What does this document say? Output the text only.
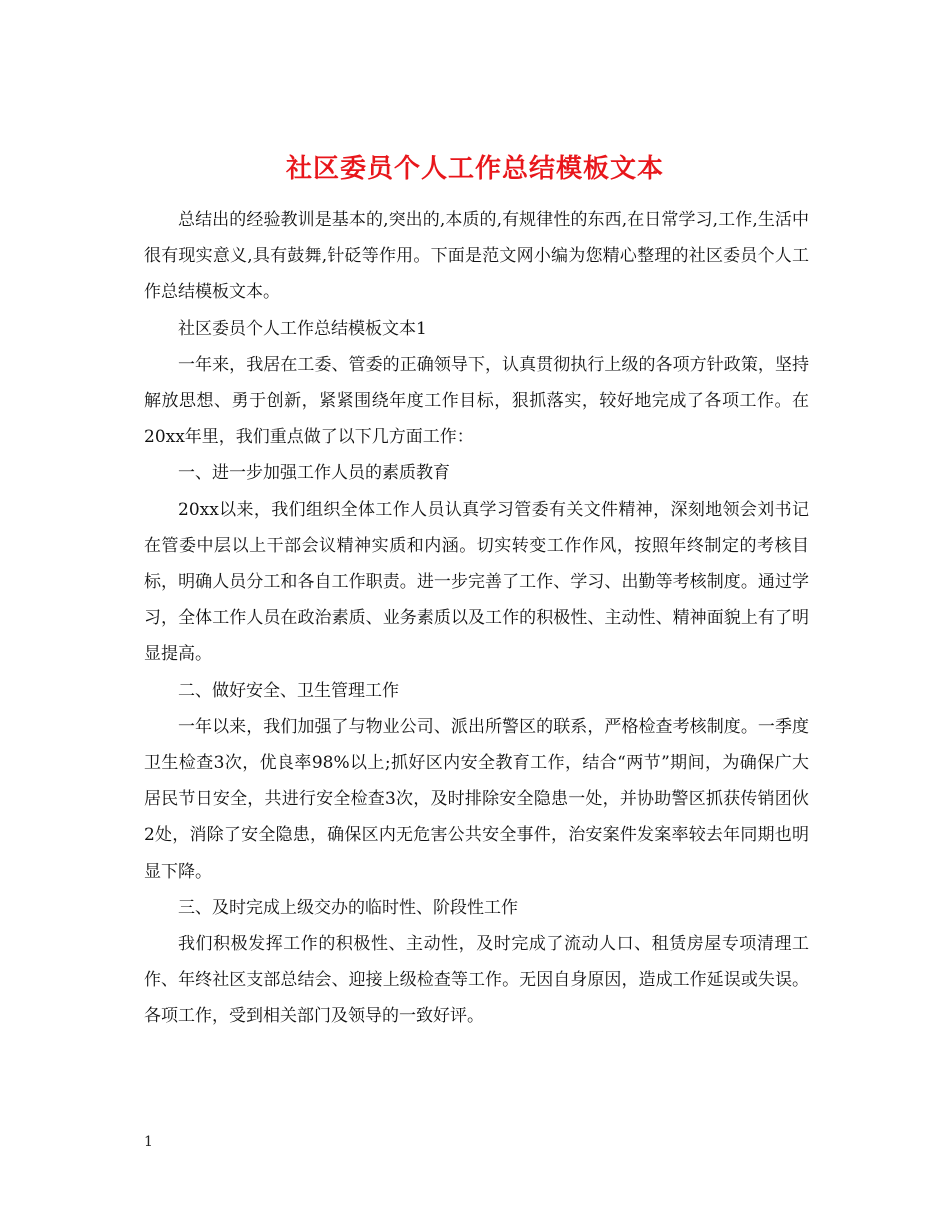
社区委员个人工作总结模板文本

总结出的经验教训是基本的,突出的,本质的,有规律性的东西,在日常学习,工作,生活中很有现实意义,具有鼓舞,针砭等作用。下面是范文网小编为您精心整理的社区委员个人工作总结模板文本。

社区委员个人工作总结模板文本1

一年来，我居在工委、管委的正确领导下，认真贯彻执行上级的各项方针政策，坚持解放思想、勇于创新，紧紧围绕年度工作目标，狠抓落实，较好地完成了各项工作。在20xx年里，我们重点做了以下几方面工作：

一、进一步加强工作人员的素质教育

20xx以来，我们组织全体工作人员认真学习管委有关文件精神，深刻地领会刘书记在管委中层以上干部会议精神实质和内涵。切实转变工作作风，按照年终制定的考核目标，明确人员分工和各自工作职责。进一步完善了工作、学习、出勤等考核制度。通过学习，全体工作人员在政治素质、业务素质以及工作的积极性、主动性、精神面貌上有了明显提高。

二、做好安全、卫生管理工作

一年以来，我们加强了与物业公司、派出所警区的联系，严格检查考核制度。一季度卫生检查3次，优良率98%以上;抓好区内安全教育工作，结合“两节”期间，为确保广大居民节日安全，共进行安全检查3次，及时排除安全隐患一处，并协助警区抓获传销团伙2处，消除了安全隐患，确保区内无危害公共安全事件，治安案件发案率较去年同期也明显下降。

三、及时完成上级交办的临时性、阶段性工作

我们积极发挥工作的积极性、主动性，及时完成了流动人口、租赁房屋专项清理工作、年终社区支部总结会、迎接上级检查等工作。无因自身原因，造成工作延误或失误。各项工作，受到相关部门及领导的一致好评。

1
